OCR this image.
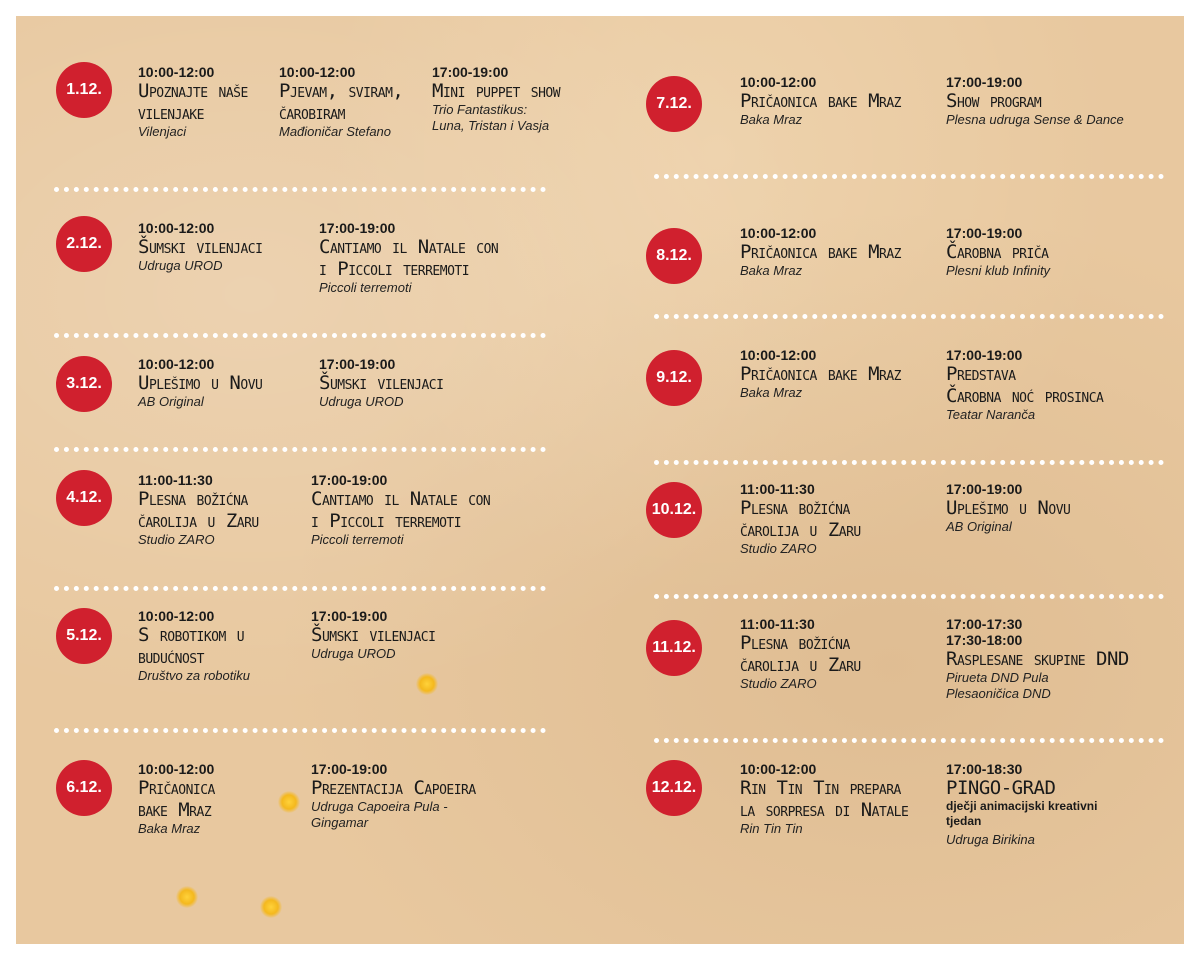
1.12.
10:00-12:00
Upoznajte naše
vilenjake
Vilenjaci
10:00-12:00
Pjevam, sviram,
čarobiram
Mađioničar Stefano
17:00-19:00
Mini puppet show
Trio Fantastikus:
Luna, Tristan i Vasja
2.12.
10:00-12:00
Šumski vilenjaci
Udruga UROD
17:00-19:00
Cantiamo il Natale con
i Piccoli terremoti
Piccoli terremoti
3.12.
10:00-12:00
Uplešimo u Novu
AB Original
17:00-19:00
Šumski vilenjaci
Udruga UROD
4.12.
11:00-11:30
Plesna božićna
čarolija u Zaru
Studio ZARO
17:00-19:00
Cantiamo il Natale con
i Piccoli terremoti
Piccoli terremoti
5.12.
10:00-12:00
S robotikom u
budućnost
Društvo za robotiku
17:00-19:00
Šumski vilenjaci
Udruga UROD
6.12.
10:00-12:00
Pričaonica
bake Mraz
Baka Mraz
17:00-19:00
Prezentacija Capoeira
Udruga Capoeira Pula -
Gingamar
7.12.
10:00-12:00
Pričaonica bake Mraz
Baka Mraz
17:00-19:00
Show program
Plesna udruga Sense & Dance
8.12.
10:00-12:00
Pričaonica bake Mraz
Baka Mraz
17:00-19:00
Čarobna priča
Plesni klub Infinity
9.12.
10:00-12:00
Pričaonica bake Mraz
Baka Mraz
17:00-19:00
Predstava
Čarobna noć prosinca
Teatar Naranča
10.12.
11:00-11:30
Plesna božićna
čarolija u Zaru
Studio ZARO
17:00-19:00
Uplešimo u Novu
AB Original
11.12.
11:00-11:30
Plesna božićna
čarolija u Zaru
Studio ZARO
17:00-17:30
17:30-18:00
Rasplesane skupine DND
Pirueta DND Pula
Plesaoničica DND
12.12.
10:00-12:00
Rin Tin Tin prepara
la sorpresa di Natale
Rin Tin Tin
17:00-18:30
PINGO-GRAD
dječji animacijski kreativni
tjedan
Udruga Birikina
